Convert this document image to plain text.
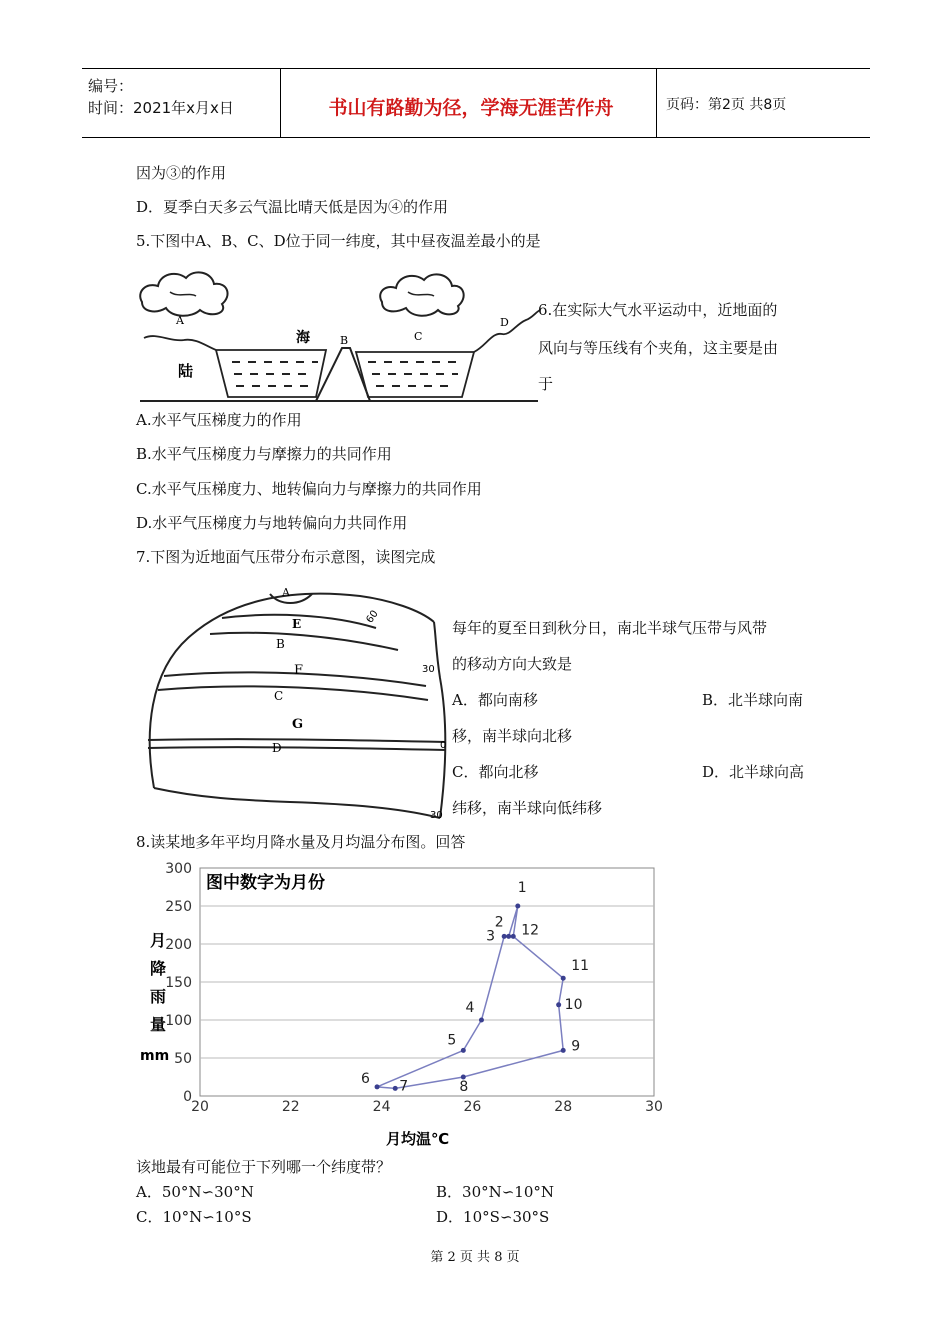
编号：
时间：2021年x月x日	书山有路勤为径，学海无涯苦作舟	页码：第2页 共8页
因为③的作用
D．夏季白天多云气温比晴天低是因为④的作用
5.下图中A、B、C、D位于同一纬度，其中昼夜温差最小的是
A
B	C
D
海
陆
6.在实际大气水平运动中，近地面的
风向与等压线有个夹角，这主要是由
于
A.水平气压梯度力的作用
B.水平气压梯度力与摩擦力的共同作用
C.水平气压梯度力、地转偏向力与摩擦力的共同作用
D.水平气压梯度力与地转偏向力共同作用
7.下图为近地面气压带分布示意图，读图完成
A
E
B
F
C
G
D
60
30
0
30
每年的夏至日到秋分日，南北半球气压带与风带
的移动方向大致是
A．都向南移	B．北半球向南
移，南半球向北移
C．都向北移	D．北半球向高
纬移，南半球向低纬移
8.读某地多年平均月降水量及月均温分布图。回答
0
50
100
150
200
250
300
20	22	24	26	28	30
图中数字为月份
月
降
雨
量
mm
月均温℃
1
2
3
4
5
6 7	8
9
10
11
12
该地最有可能位于下列哪一个纬度带？
A．50°N∽30°N	B．30°N∽10°N
C．10°N∽10°S	D．10°S∽30°S
第 2 页 共 8 页
